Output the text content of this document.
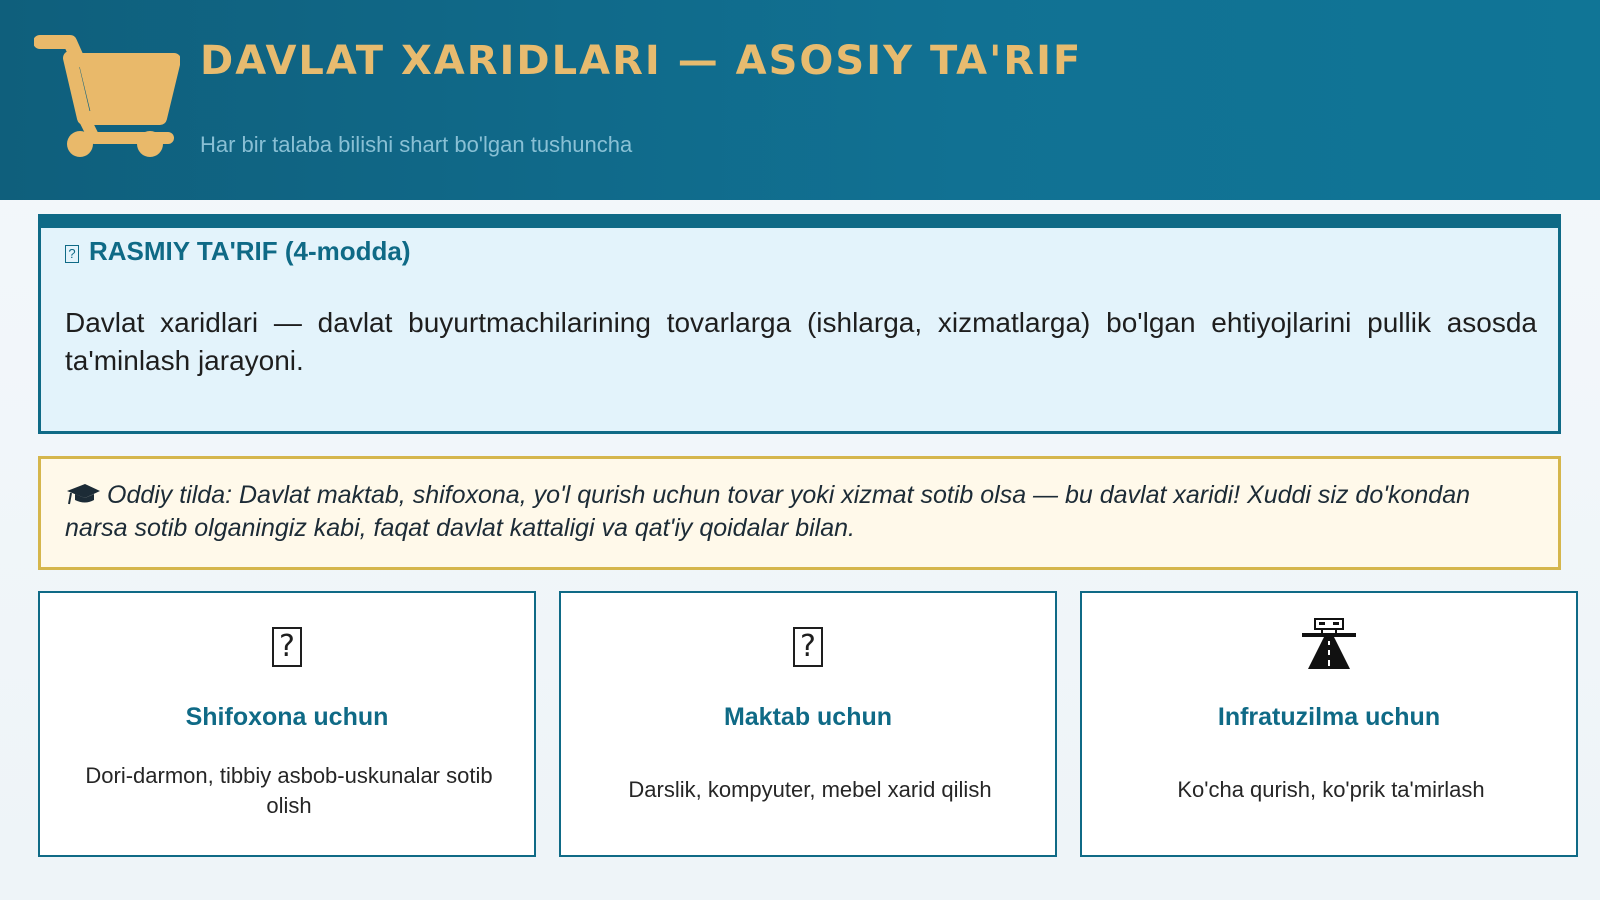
DAVLAT XARIDLARI — ASOSIY TA'RIF
Har bir talaba bilishi shart bo'lgan tushuncha
? RASMIY TA'RIF (4-modda)
Davlat xaridlari — davlat buyurtmachilarining tovarlarga (ishlarga, xizmatlarga) bo'lgan ehtiyojlarini pullik asosda ta'minlash jarayoni.
Oddiy tilda: Davlat maktab, shifoxona, yo'l qurish uchun tovar yoki xizmat sotib olsa — bu davlat xaridi! Xuddi siz do'kondan narsa sotib olganingiz kabi, faqat davlat kattaligi va qat'iy qoidalar bilan.
?
Shifoxona uchun
Dori-darmon, tibbiy asbob-uskunalar sotib olish
?
Maktab uchun
Darslik, kompyuter, mebel xarid qilish
Infratuzilma uchun
Ko'cha qurish, ko'prik ta'mirlash
